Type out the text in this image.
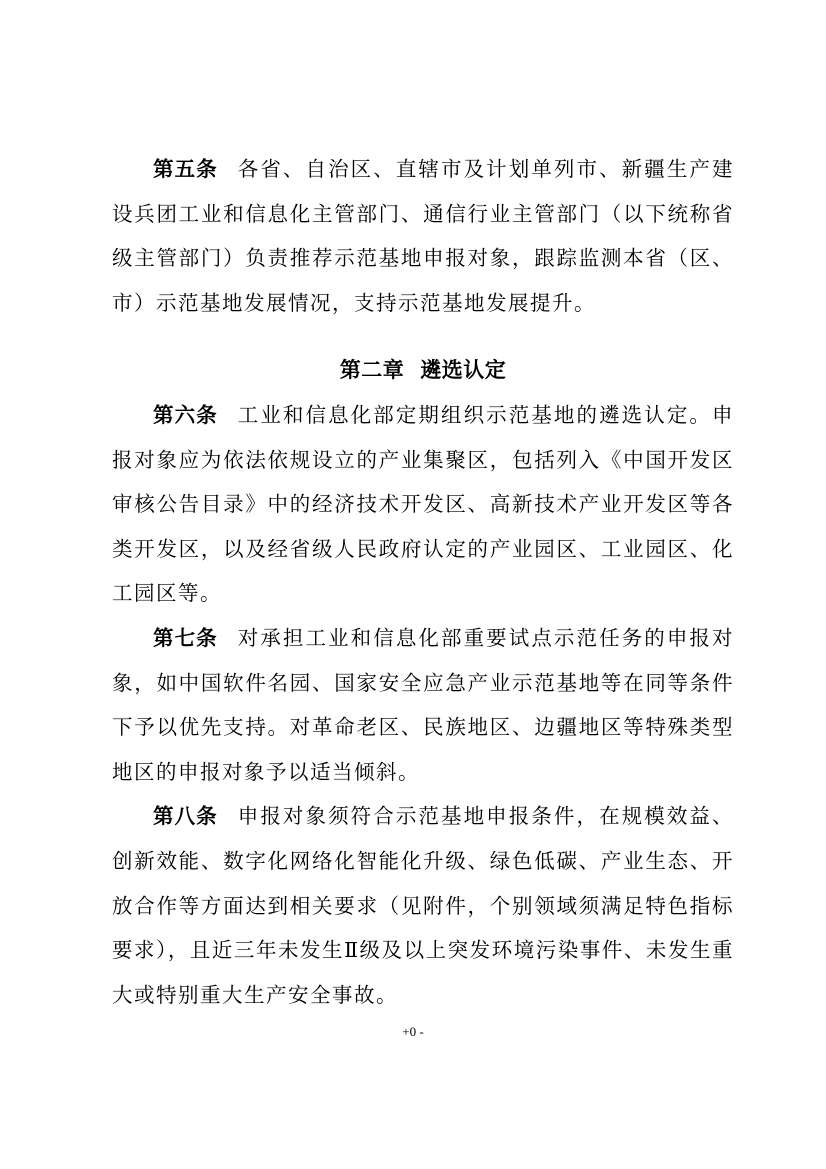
第五条 各省、自治区、直辖市及计划单列市、新疆生产建设兵团工业和信息化主管部门、通信行业主管部门（以下统称省级主管部门）负责推荐示范基地申报对象，跟踪监测本省（区、市）示范基地发展情况，支持示范基地发展提升。

第二章 遴选认定

第六条 工业和信息化部定期组织示范基地的遴选认定。申报对象应为依法依规设立的产业集聚区，包括列入《中国开发区审核公告目录》中的经济技术开发区、高新技术产业开发区等各类开发区，以及经省级人民政府认定的产业园区、工业园区、化工园区等。

第七条 对承担工业和信息化部重要试点示范任务的申报对象，如中国软件名园、国家安全应急产业示范基地等在同等条件下予以优先支持。对革命老区、民族地区、边疆地区等特殊类型地区的申报对象予以适当倾斜。

第八条 申报对象须符合示范基地申报条件，在规模效益、创新效能、数字化网络化智能化升级、绿色低碳、产业生态、开放合作等方面达到相关要求（见附件，个别领域须满足特色指标要求），且近三年未发生Ⅱ级及以上突发环境污染事件、未发生重大或特别重大生产安全事故。

+0 -
